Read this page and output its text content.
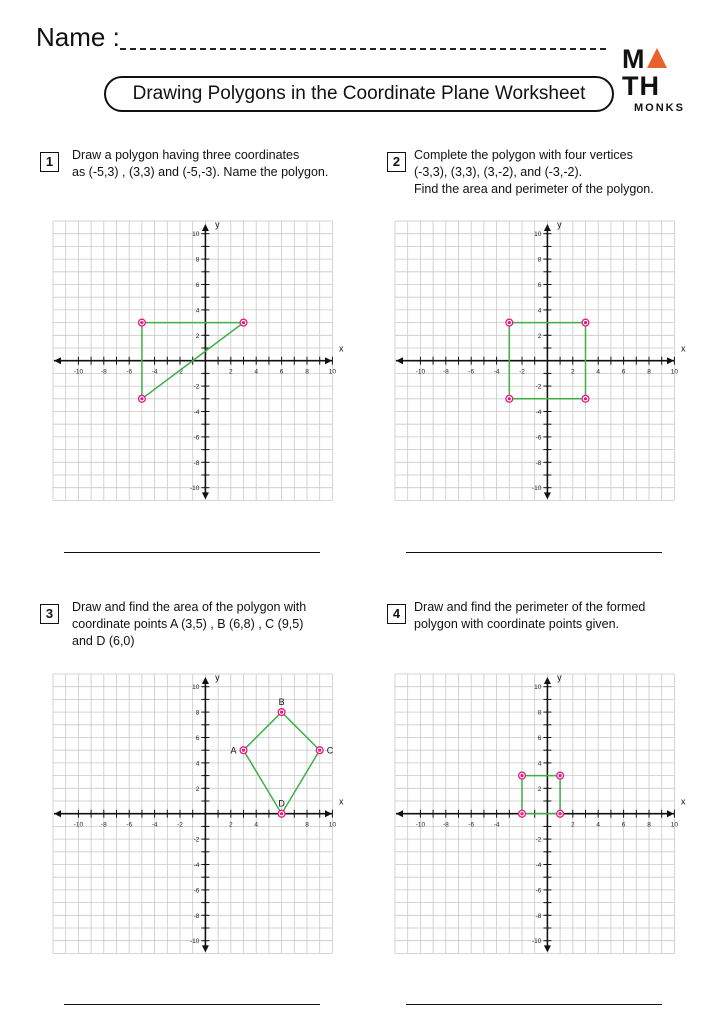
Name :
MTH
MONKS
Drawing Polygons in the Coordinate Plane Worksheet
1	Draw a polygon having three coordinates
as (-5,3) , (3,3) and (-5,-3). Name the polygon.
2	Complete the polygon with four vertices
(-3,3), (3,3), (3,-2), and (-3,-2).
Find the area and perimeter of the polygon.
3	Draw and find the area of the polygon with
coordinate points A (3,5) , B (6,8) , C (9,5)
and D (6,0)
4	Draw and find the perimeter of the formed
polygon with coordinate points given.
-10	-8	-6	-4	-2	2	4	6	8	10
10
8
6
4
2
-2
-4
-6
-8
-10
x
y
-10	-8	-6	-4	-2	2	4	6	8	10
10
8
6
4
2
-2
-4
-6
-8
-10
x
y
-10	-8	-6	-4	-2	2	4	8	10
10
8
6
4
2
-2
-4
-6
-8
-10
x
y
A
B
C
D
-10	-8	-6	-4	2	4	6	8	10
10
8
6
4
2
-2
-4
-6
-8
-10
x
y
